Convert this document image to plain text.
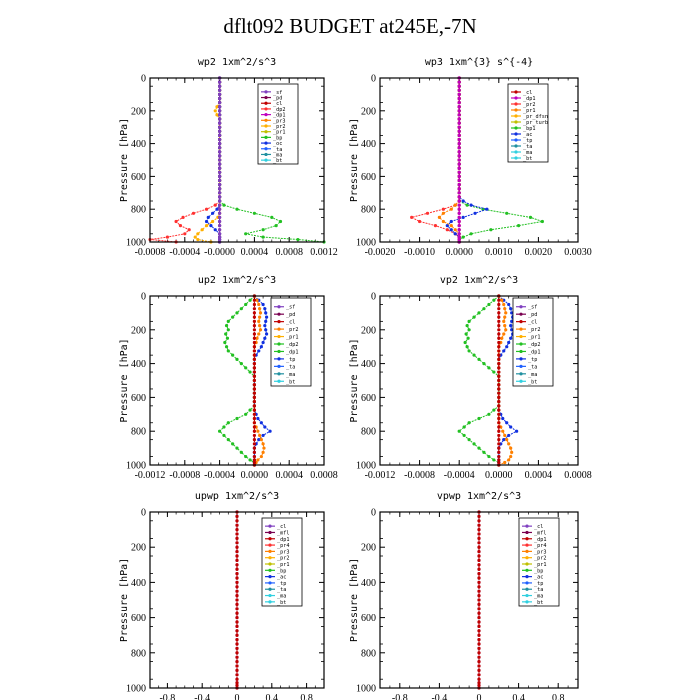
dflt092 BUDGET at245E,-7N
wp2 1xm^2/s^3
Pressure [hPa]
0
200
400
600
800
1000
-0.0008 -0.0004 -0.0000 0.0004 0.0008 0.0012
_sf
_pd
_cl
_dp2
_dp1
_pr3
_pr2
_pr1
_bp
_oc
_ta
_ma
_bt
wp3 1xm^{3} s^{-4}
Pressure [hPa]
0
200
400
600
800
1000
-0.0020 -0.0010 0.0000 0.0010 0.0020 0.0030
_cl
_dp1
_pr2
_pr1
_pr_dfsn
_pr_turb
_bp1
_ac
_tp
_ta
_ma
_bt
up2 1xm^2/s^3
Pressure [hPa]
0
200
400
600
800
1000
-0.0012 -0.0008 -0.0004 0.0000 0.0004 0.0008
_sf
_pd
_cl
_pr2
_pr1
_dp2
_dp1
_tp
_ta
_ma
_bt
vp2 1xm^2/s^3
Pressure [hPa]
0
200
400
600
800
1000
-0.0012 -0.0008 -0.0004 0.0000 0.0004 0.0008
_sf
_pd
_cl
_pr2
_pr1
_dp2
_dp1
_tp
_ta
_ma
_bt
upwp 1xm^2/s^3
Pressure [hPa]
0
200
400
600
800
1000
-0.8 -0.4 0	0.4 0.8
_cl
_mfl
_dp1
_pr4
_pr3
_pr2
_pr1
_bp
_ac
_tp
_ta
_ma
_bt
vpwp 1xm^2/s^3
Pressure [hPa]
0
200
400
600
800
1000
-0.8 -0.4	0	0.4	0.8
_cl
_mfl
_dp1
_pr4
_pr3
_pr2
_pr1
_bp
_ac
_tp
_ta
_ma
_bt
